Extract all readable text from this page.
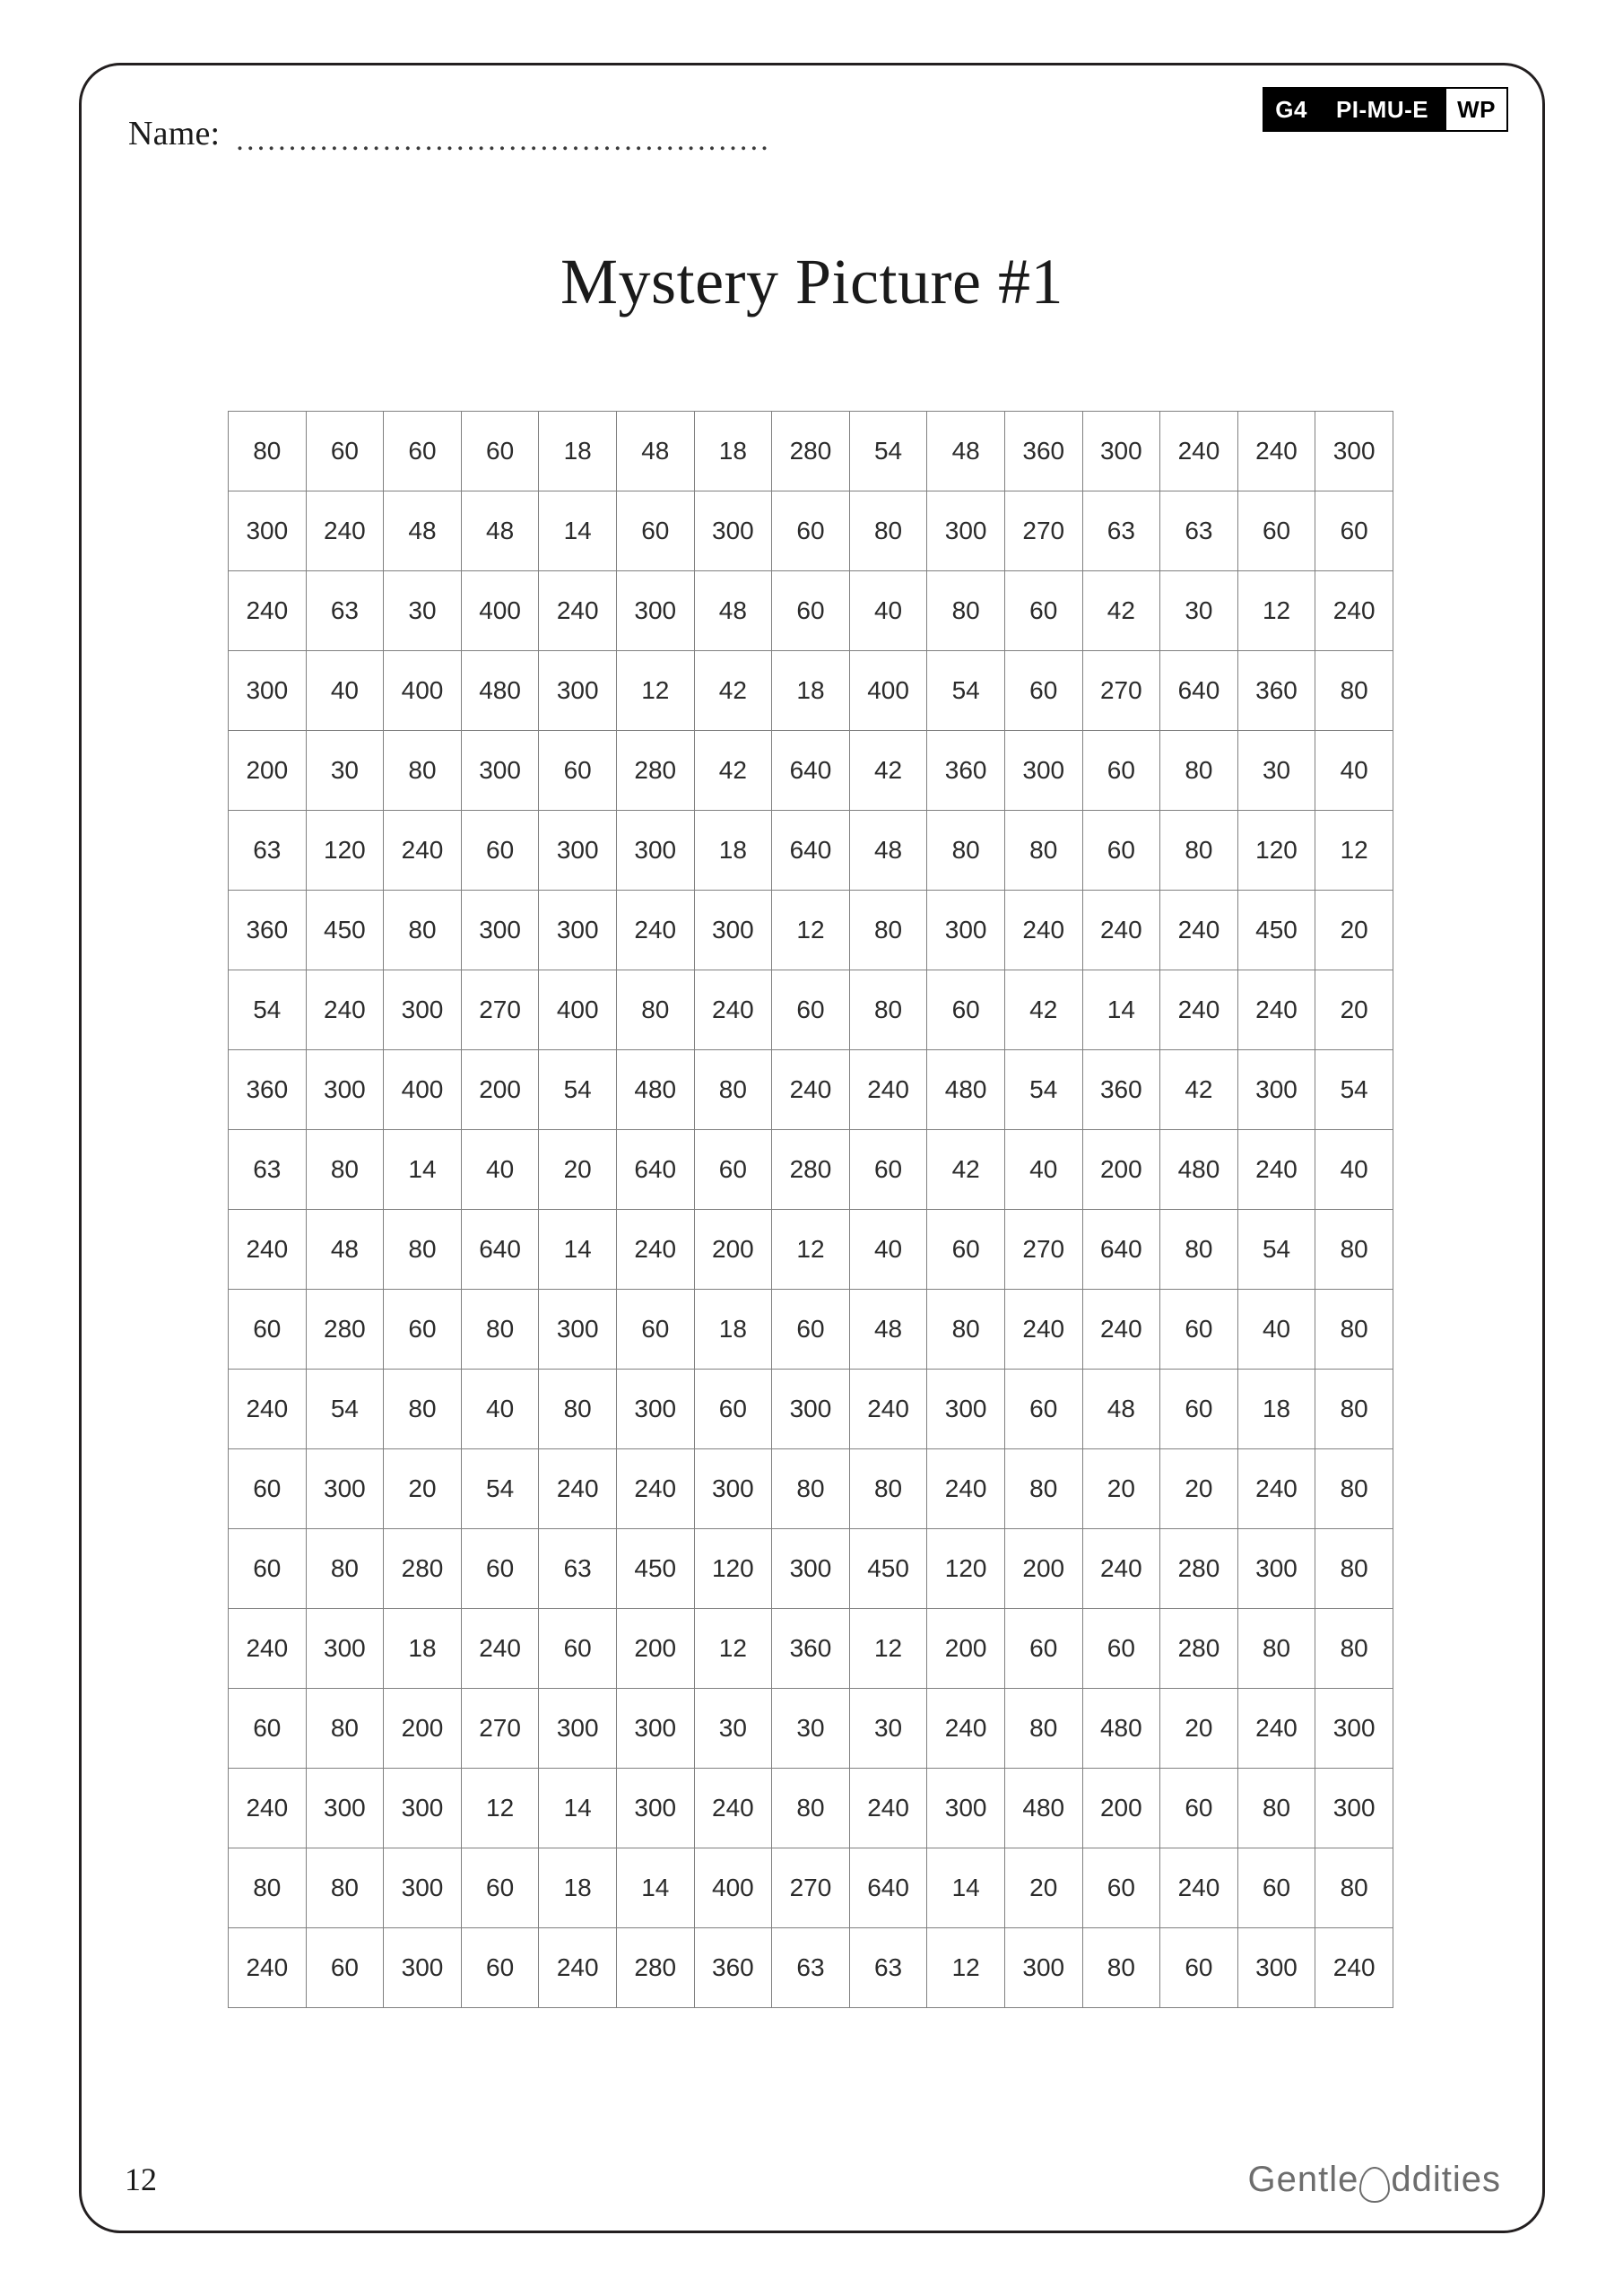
Name: ...................................................
G4	PI-MU-E	WP
Mystery Picture #1
80	60	60	60	18	48	18	280	54	48	360	300	240	240	300
300	240	48	48	14	60	300	60	80	300	270	63	63	60	60
240	63	30	400	240	300	48	60	40	80	60	42	30	12	240
300	40	400	480	300	12	42	18	400	54	60	270	640	360	80
200	30	80	300	60	280	42	640	42	360	300	60	80	30	40
63	120	240	60	300	300	18	640	48	80	80	60	80	120	12
360	450	80	300	300	240	300	12	80	300	240	240	240	450	20
54	240	300	270	400	80	240	60	80	60	42	14	240	240	20
360	300	400	200	54	480	80	240	240	480	54	360	42	300	54
63	80	14	40	20	640	60	280	60	42	40	200	480	240	40
240	48	80	640	14	240	200	12	40	60	270	640	80	54	80
60	280	60	80	300	60	18	60	48	80	240	240	60	40	80
240	54	80	40	80	300	60	300	240	300	60	48	60	18	80
60	300	20	54	240	240	300	80	80	240	80	20	20	240	80
60	80	280	60	63	450	120	300	450	120	200	240	280	300	80
240	300	18	240	60	200	12	360	12	200	60	60	280	80	80
60	80	200	270	300	300	30	30	30	240	80	480	20	240	300
240	300	300	12	14	300	240	80	240	300	480	200	60	80	300
80	80	300	60	18	14	400	270	640	14	20	60	240	60	80
240	60	300	60	240	280	360	63	63	12	300	80	60	300	240
12	Gentle ddities
